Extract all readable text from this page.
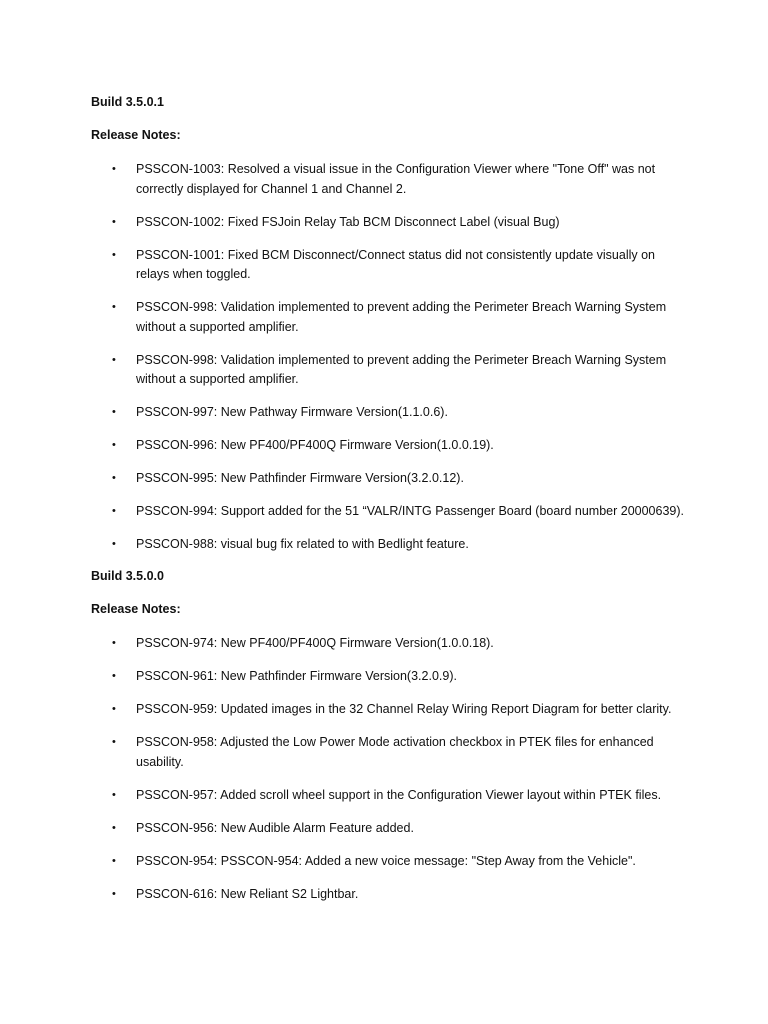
Build 3.5.0.1
Release Notes:
• PSSCON-1003: Resolved a visual issue in the Configuration Viewer where "Tone Off" was not correctly displayed for Channel 1 and Channel 2.
• PSSCON-1002: Fixed FSJoin Relay Tab BCM Disconnect Label (visual Bug)
• PSSCON-1001: Fixed BCM Disconnect/Connect status did not consistently update visually on relays when toggled.
• PSSCON-998: Validation implemented to prevent adding the Perimeter Breach Warning System without a supported amplifier.
• PSSCON-998: Validation implemented to prevent adding the Perimeter Breach Warning System without a supported amplifier.
• PSSCON-997: New Pathway Firmware Version(1.1.0.6).
• PSSCON-996: New PF400/PF400Q Firmware Version(1.0.0.19).
• PSSCON-995: New Pathfinder Firmware Version(3.2.0.12).
• PSSCON-994: Support added for the 51 “VALR/INTG Passenger Board (board number 20000639).
• PSSCON-988: visual bug fix related to with Bedlight feature.
Build 3.5.0.0
Release Notes:
• PSSCON-974: New PF400/PF400Q Firmware Version(1.0.0.18).
• PSSCON-961: New Pathfinder Firmware Version(3.2.0.9).
• PSSCON-959: Updated images in the 32 Channel Relay Wiring Report Diagram for better clarity.
• PSSCON-958: Adjusted the Low Power Mode activation checkbox in PTEK files for enhanced usability.
• PSSCON-957: Added scroll wheel support in the Configuration Viewer layout within PTEK files.
• PSSCON-956: New Audible Alarm Feature added.
• PSSCON-954: PSSCON-954: Added a new voice message: "Step Away from the Vehicle".
• PSSCON-616: New Reliant S2 Lightbar.
